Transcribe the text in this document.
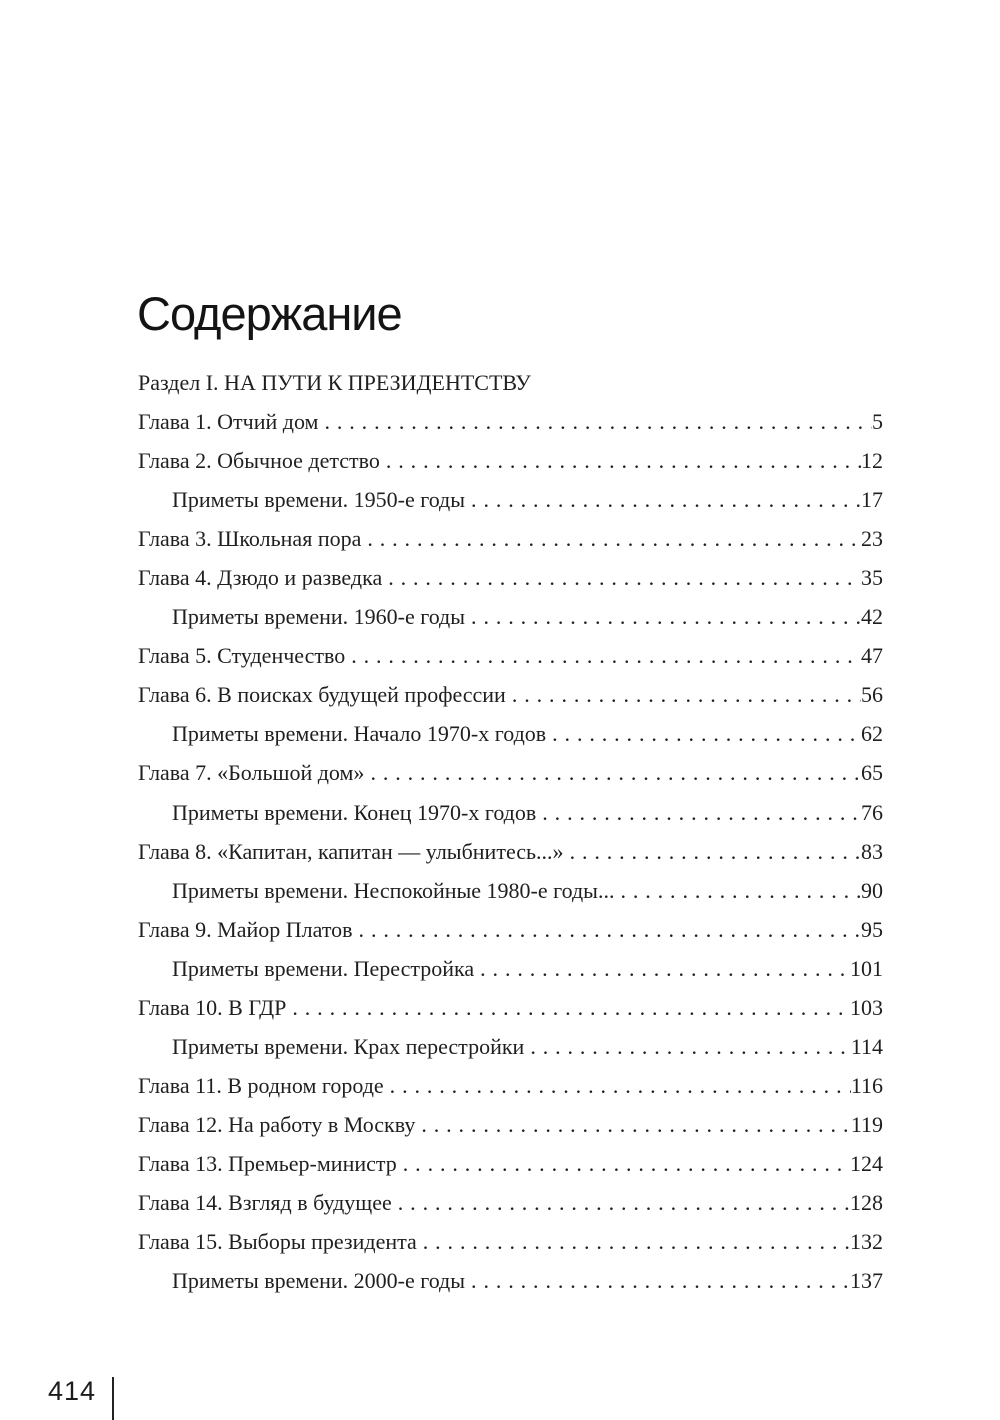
Содержание
Раздел I. НА ПУТИ К ПРЕЗИДЕНТСТВУ
Глава 1. Отчий дом .....	5
Глава 2. Обычное детство .....	12
Приметы времени. 1950-е годы .....	17
Глава 3. Школьная пора .....	23
Глава 4. Дзюдо и разведка .....	35
Приметы времени. 1960-е годы .....	42
Глава 5. Студенчество .....	47
Глава 6. В поисках будущей профессии .....	56
Приметы времени. Начало 1970-х годов .....	62
Глава 7. «Большой дом» .....	65
Приметы времени. Конец 1970-х годов .....	76
Глава 8. «Капитан, капитан — улыбнитесь...» .....	83
Приметы времени. Неспокойные 1980-е годы... .....	90
Глава 9. Майор Платов .....	95
Приметы времени. Перестройка .....	101
Глава 10. В ГДР .....	103
Приметы времени. Крах перестройки .....	114
Глава 11. В родном городе .....	116
Глава 12. На работу в Москву .....	119
Глава 13. Премьер-министр .....	124
Глава 14. Взгляд в будущее .....	128
Глава 15. Выборы президента .....	132
Приметы времени. 2000-е годы .....	137
414
